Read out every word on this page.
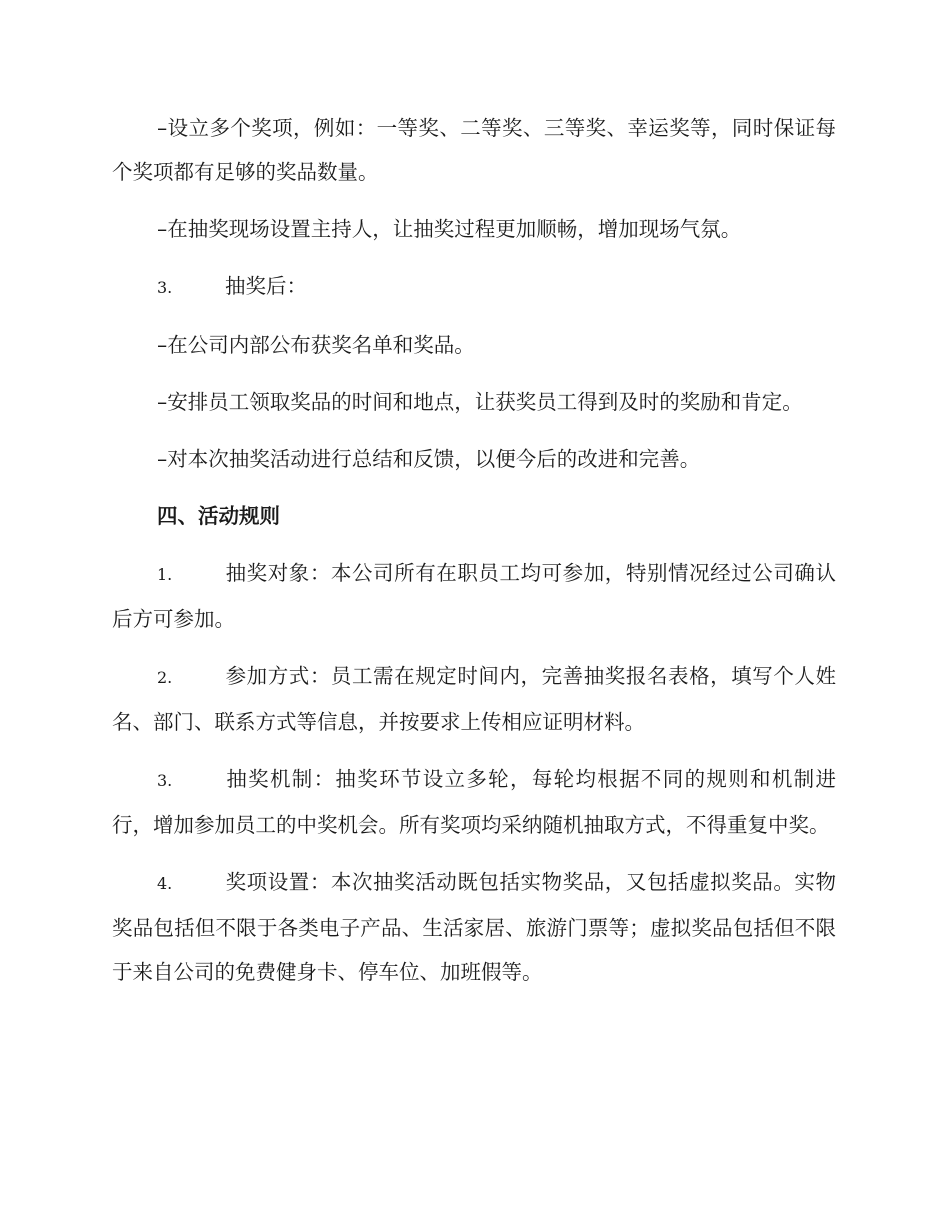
–设立多个奖项，例如：一等奖、二等奖、三等奖、幸运奖等，同时保证每个奖项都有足够的奖品数量。

–在抽奖现场设置主持人，让抽奖过程更加顺畅，增加现场气氛。

3.	抽奖后：

–在公司内部公布获奖名单和奖品。

–安排员工领取奖品的时间和地点，让获奖员工得到及时的奖励和肯定。

–对本次抽奖活动进行总结和反馈，以便今后的改进和完善。

四、活动规则

1.	抽奖对象：本公司所有在职员工均可参加，特别情况经过公司确认后方可参加。

2.	参加方式：员工需在规定时间内，完善抽奖报名表格，填写个人姓名、部门、联系方式等信息，并按要求上传相应证明材料。

3.	抽奖机制：抽奖环节设立多轮，每轮均根据不同的规则和机制进行，增加参加员工的中奖机会。所有奖项均采纳随机抽取方式，不得重复中奖。

4.	奖项设置：本次抽奖活动既包括实物奖品，又包括虚拟奖品。实物奖品包括但不限于各类电子产品、生活家居、旅游门票等；虚拟奖品包括但不限于来自公司的免费健身卡、停车位、加班假等。
